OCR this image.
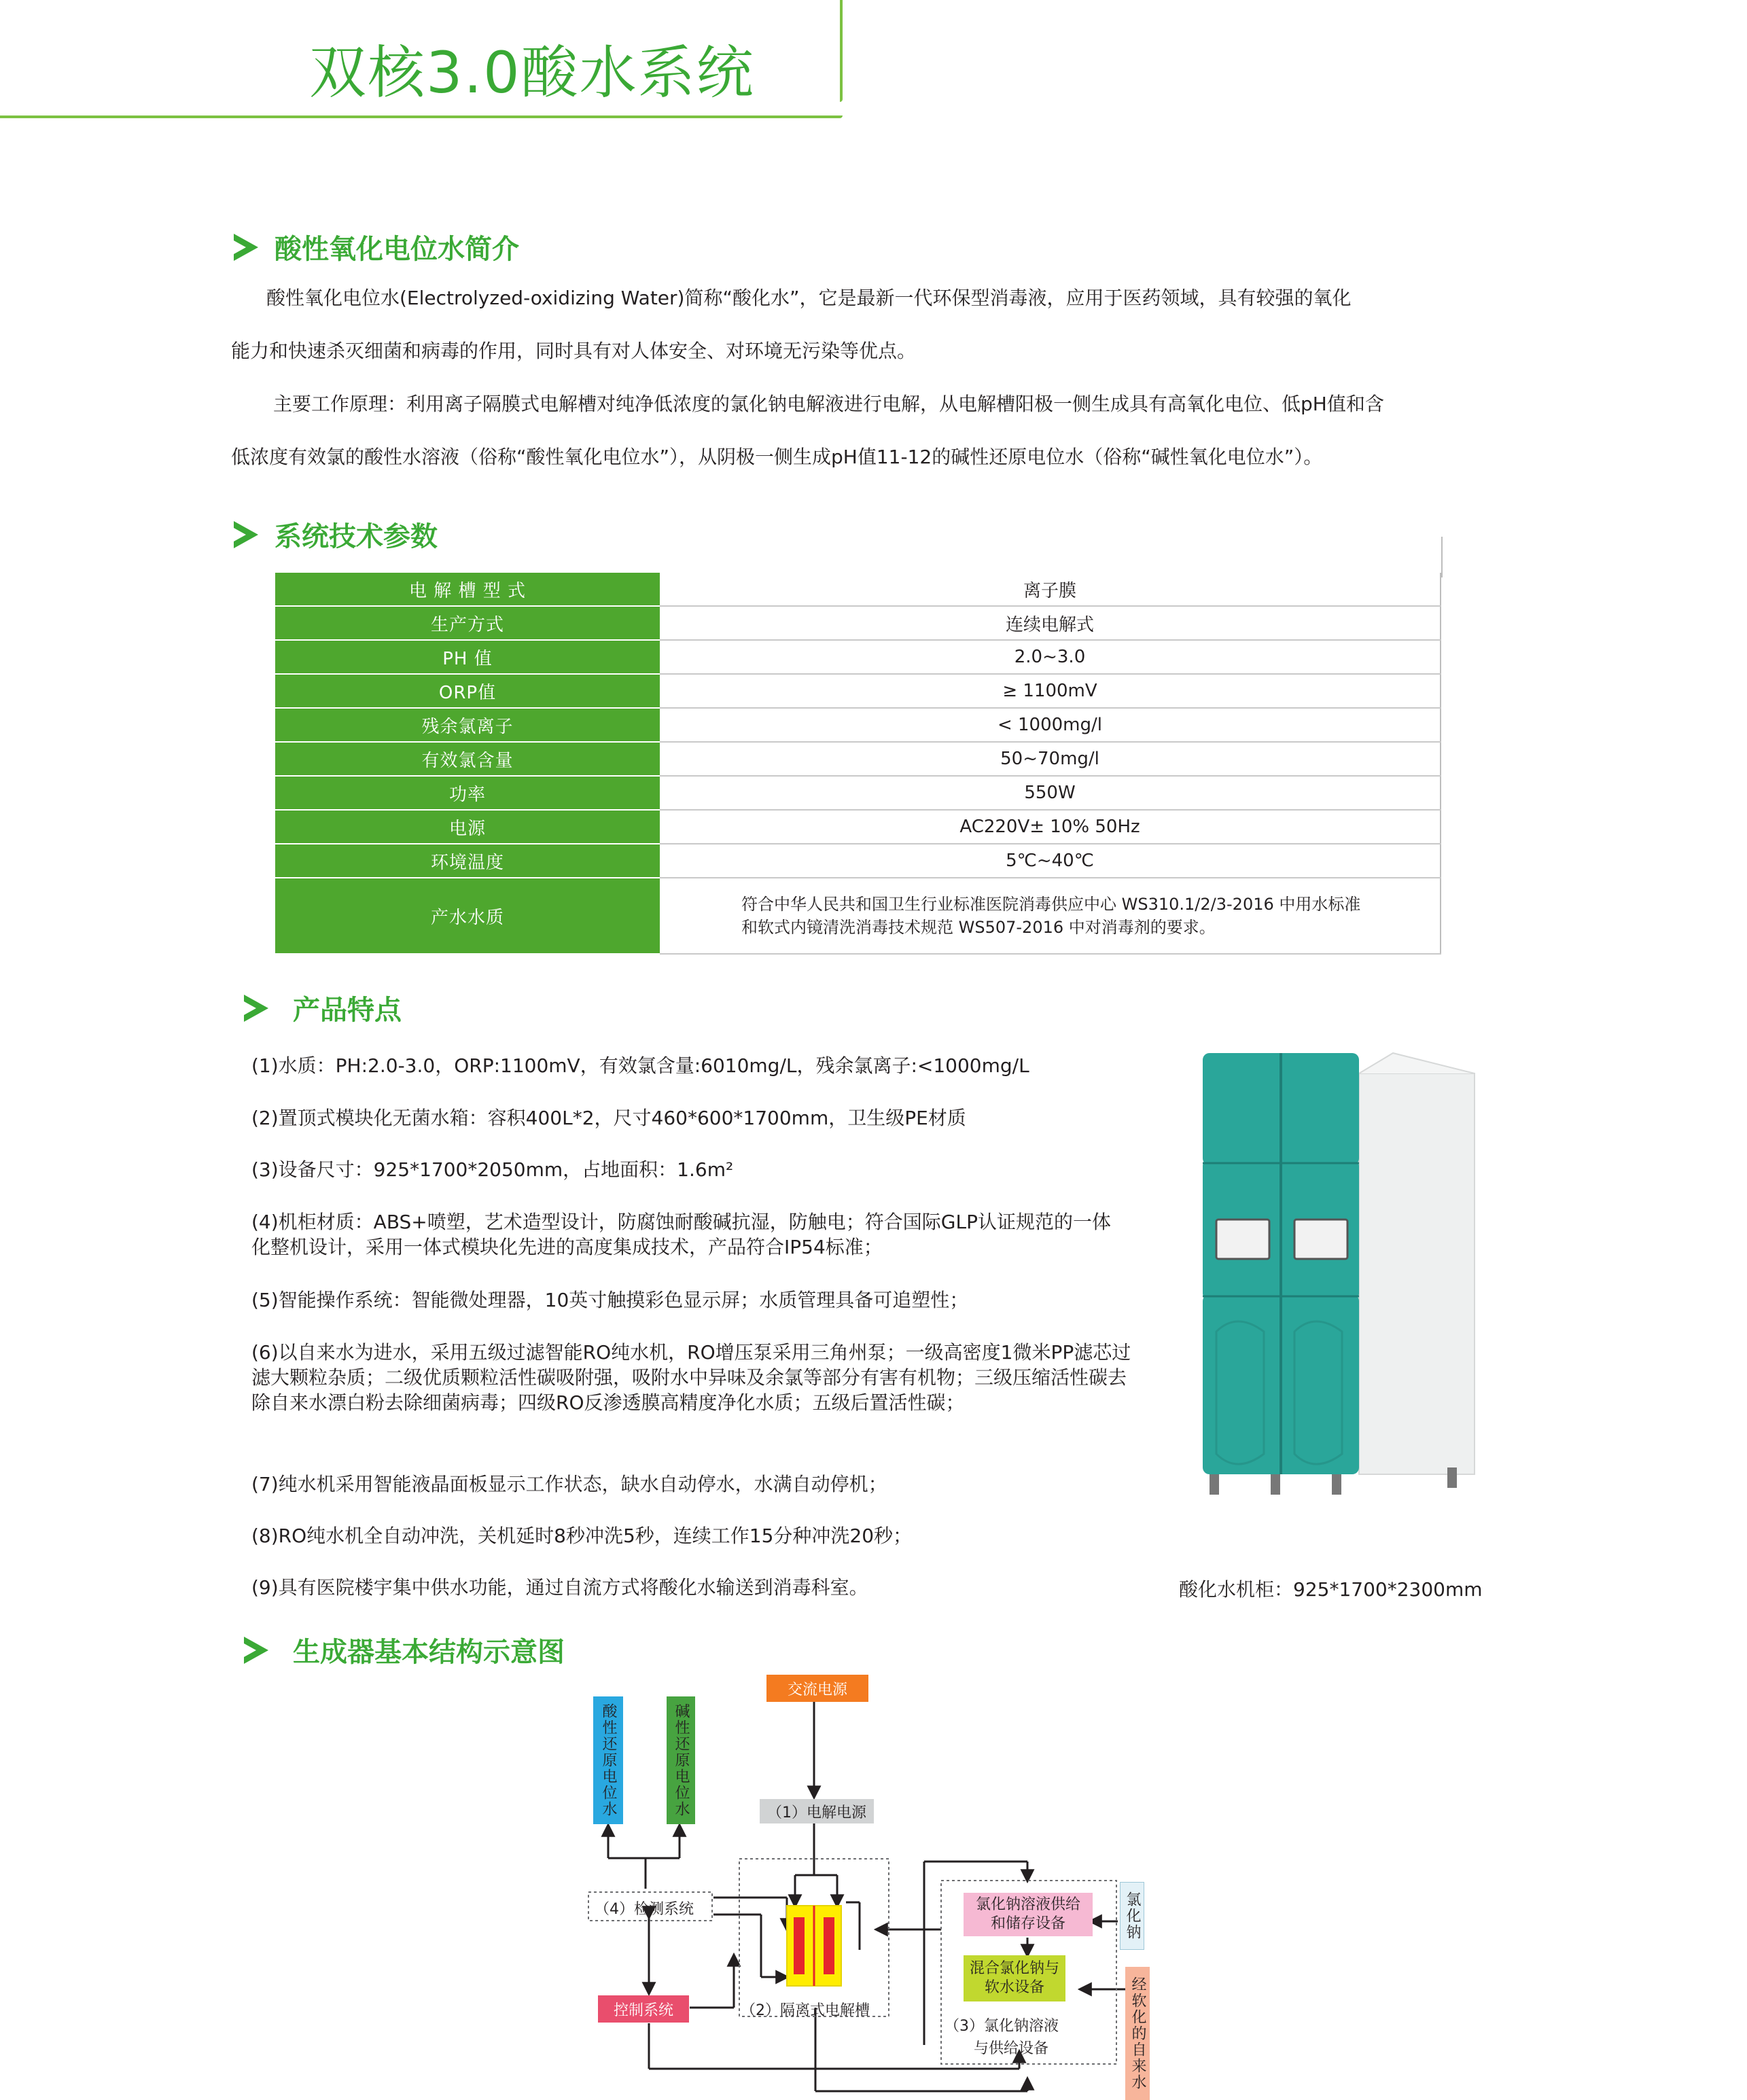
双核3.0酸水系统
酸性氧化电位水简介
酸性氧化电位水(Electrolyzed-oxidizing Water)简称“酸化水”，它是最新一代环保型消毒液，应用于医药领域，具有较强的氧化
能力和快速杀灭细菌和病毒的作用，同时具有对人体安全、对环境无污染等优点。
主要工作原理：利用离子隔膜式电解槽对纯净低浓度的氯化钠电解液进行电解，从电解槽阳极一侧生成具有高氧化电位、低pH值和含
低浓度有效氯的酸性水溶液（俗称“酸性氧化电位水”），从阴极一侧生成pH值11-12的碱性还原电位水（俗称“碱性氧化电位水”）。
系统技术参数
电 解 槽 型 式	离子膜
生产方式	连续电解式
PH 值	2.0~3.0
ORP值	≥ 1100mV
残余氯离子	< 1000mg/l
有效氯含量	50~70mg/l
功率	550W
电源	AC220V± 10% 50Hz
环境温度	5℃~40℃
产水水质	符合中华人民共和国卫生行业标准医院消毒供应中心 WS310.1/2/3-2016 中用水标准
和软式内镜清洗消毒技术规范 WS507-2016 中对消毒剂的要求。
产品特点
(1)水质：PH:2.0-3.0，ORP:1100mV，有效氯含量:6010mg/L，残余氯离子:<1000mg/L
(2)置顶式模块化无菌水箱：容积400L*2，尺寸460*600*1700mm，卫生级PE材质
(3)设备尺寸：925*1700*2050mm，占地面积：1.6m²
(4)机柜材质：ABS+喷塑，艺术造型设计，防腐蚀耐酸碱抗湿，防触电；符合国际GLP认证规范的一体化整机设计，采用一体式模块化先进的高度集成技术，产品符合IP54标准；
(5)智能操作系统：智能微处理器，10英寸触摸彩色显示屏；水质管理具备可追塑性；
(6)以自来水为进水，采用五级过滤智能RO纯水机，RO增压泵采用三角州泵；一级高密度1微米PP滤芯过滤大颗粒杂质；二级优质颗粒活性碳吸附强，吸附水中异味及余氯等部分有害有机物；三级压缩活性碳去除自来水漂白粉去除细菌病毒；四级RO反渗透膜高精度净化水质；五级后置活性碳；
(7)纯水机采用智能液晶面板显示工作状态，缺水自动停水，水满自动停机；
(8)RO纯水机全自动冲洗，关机延时8秒冲洗5秒，连续工作15分种冲洗20秒；
(9)具有医院楼宇集中供水功能，通过自流方式将酸化水输送到消毒科室。	酸化水机柜：925*1700*2300mm
生成器基本结构示意图
交流电源
酸性还原电位水	碱性还原电位水	（1）电解电源
（4）检测系统
控制系统	（2）隔离式电解槽
氯化钠溶液供给和储存设备
混合氯化钠与软水设备
（3）氯化钠溶液
与供给设备
氯化钠
经软化的自来水
